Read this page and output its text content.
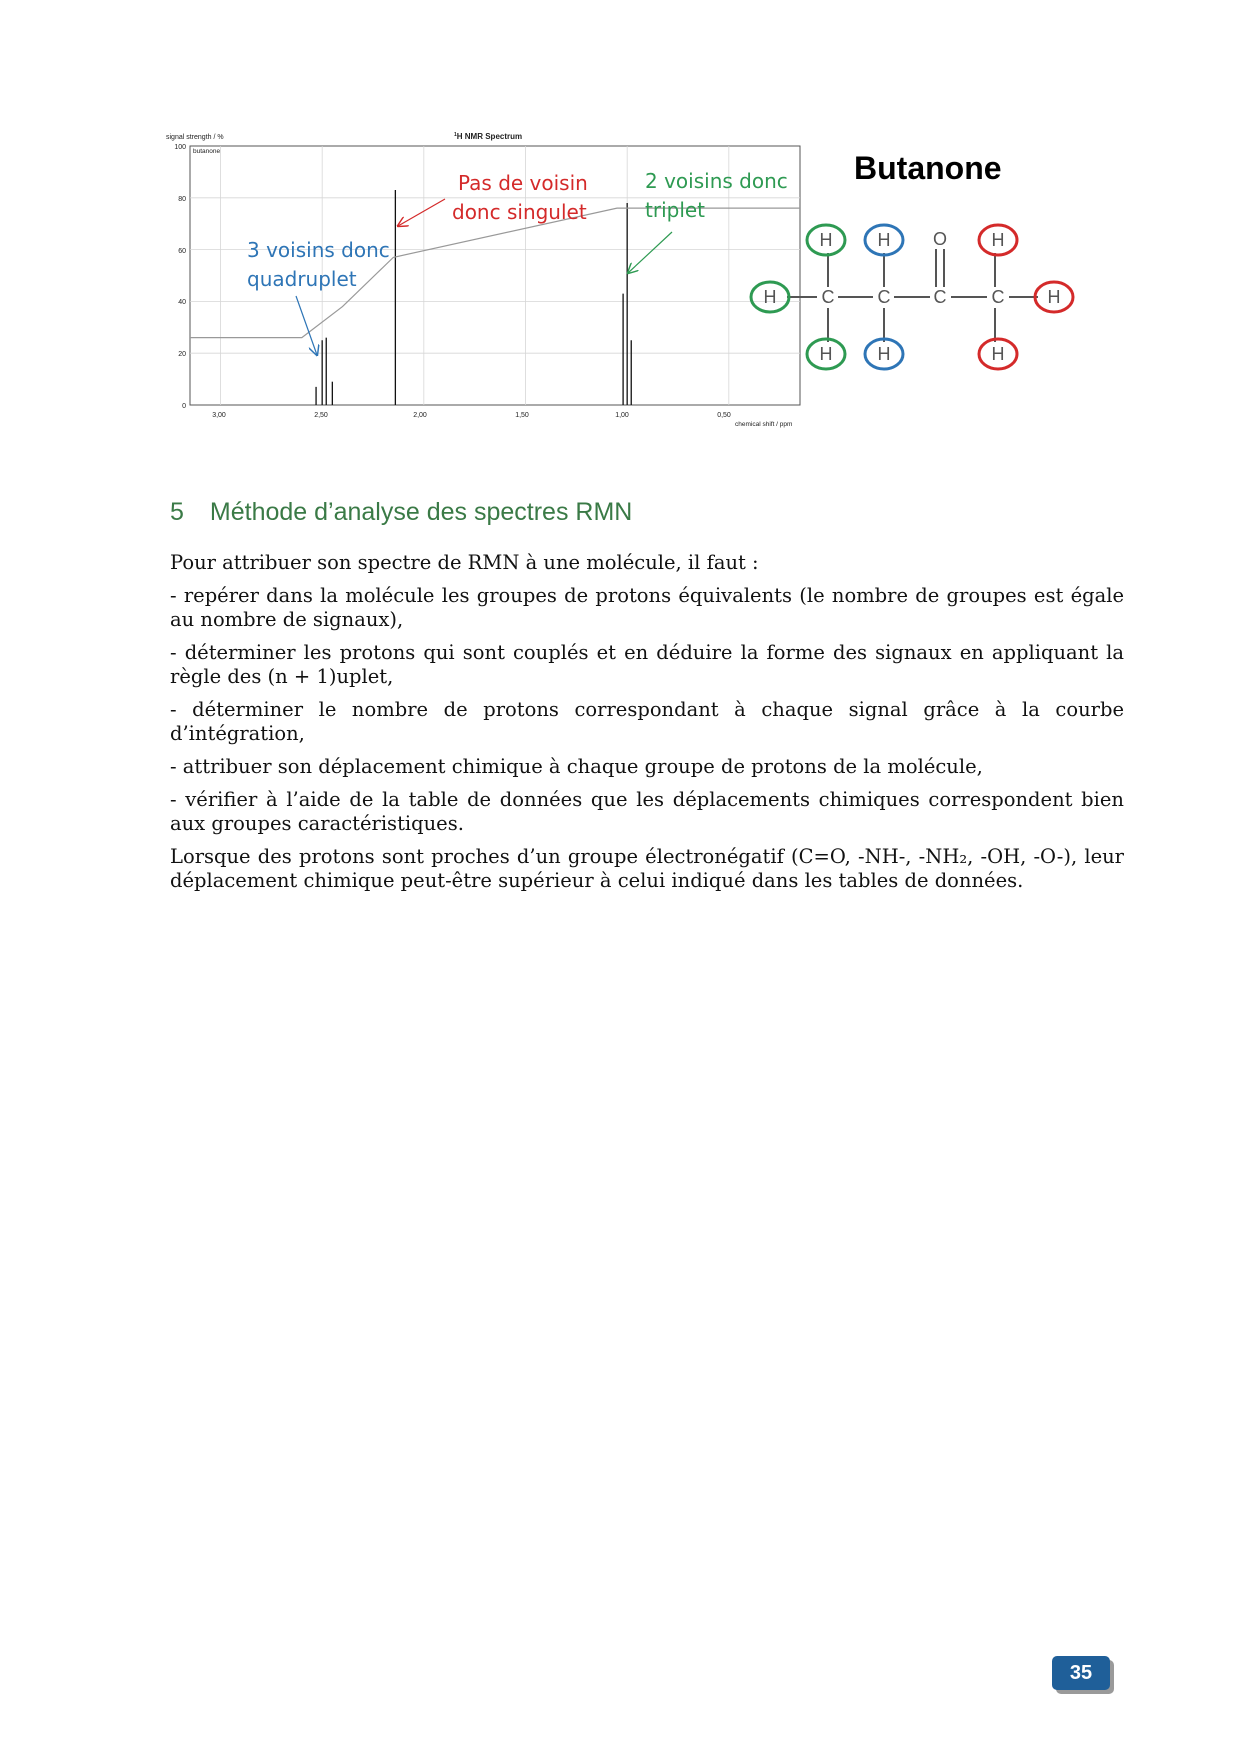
signal strength / %	$^1$H NMR Spectrum
butanone
chemical shift / ppm
100
80
60
40
20
0
3,00	2,50	2,00	1,50	1,00	0,50
Pas de voisin donc singulet
2 voisins donc triplet
3 voisins donc quadruplet
Butanone
C C C	C
O
H
H
H
H
H
H
H
H
5 Méthode d’analyse des spectres RMN

Pour attribuer son spectre de RMN à une molécule, il faut :

- repérer dans la molécule les groupes de protons équivalents (le nombre de groupes est égale au nombre de signaux),

- déterminer les protons qui sont couplés et en déduire la forme des signaux en appliquant la règle des (n + 1)uplet,

- déterminer le nombre de protons correspondant à chaque signal grâce à la courbe d’intégration,

- attribuer son déplacement chimique à chaque groupe de protons de la molécule,

- vérifier à l’aide de la table de données que les déplacements chimiques correspondent bien aux groupes caractéristiques.

Lorsque des protons sont proches d’un groupe électronégatif (C=O, -NH-, -NH₂, -OH, -O-), leur déplacement chimique peut-être supérieur à celui indiqué dans les tables de données.

35
